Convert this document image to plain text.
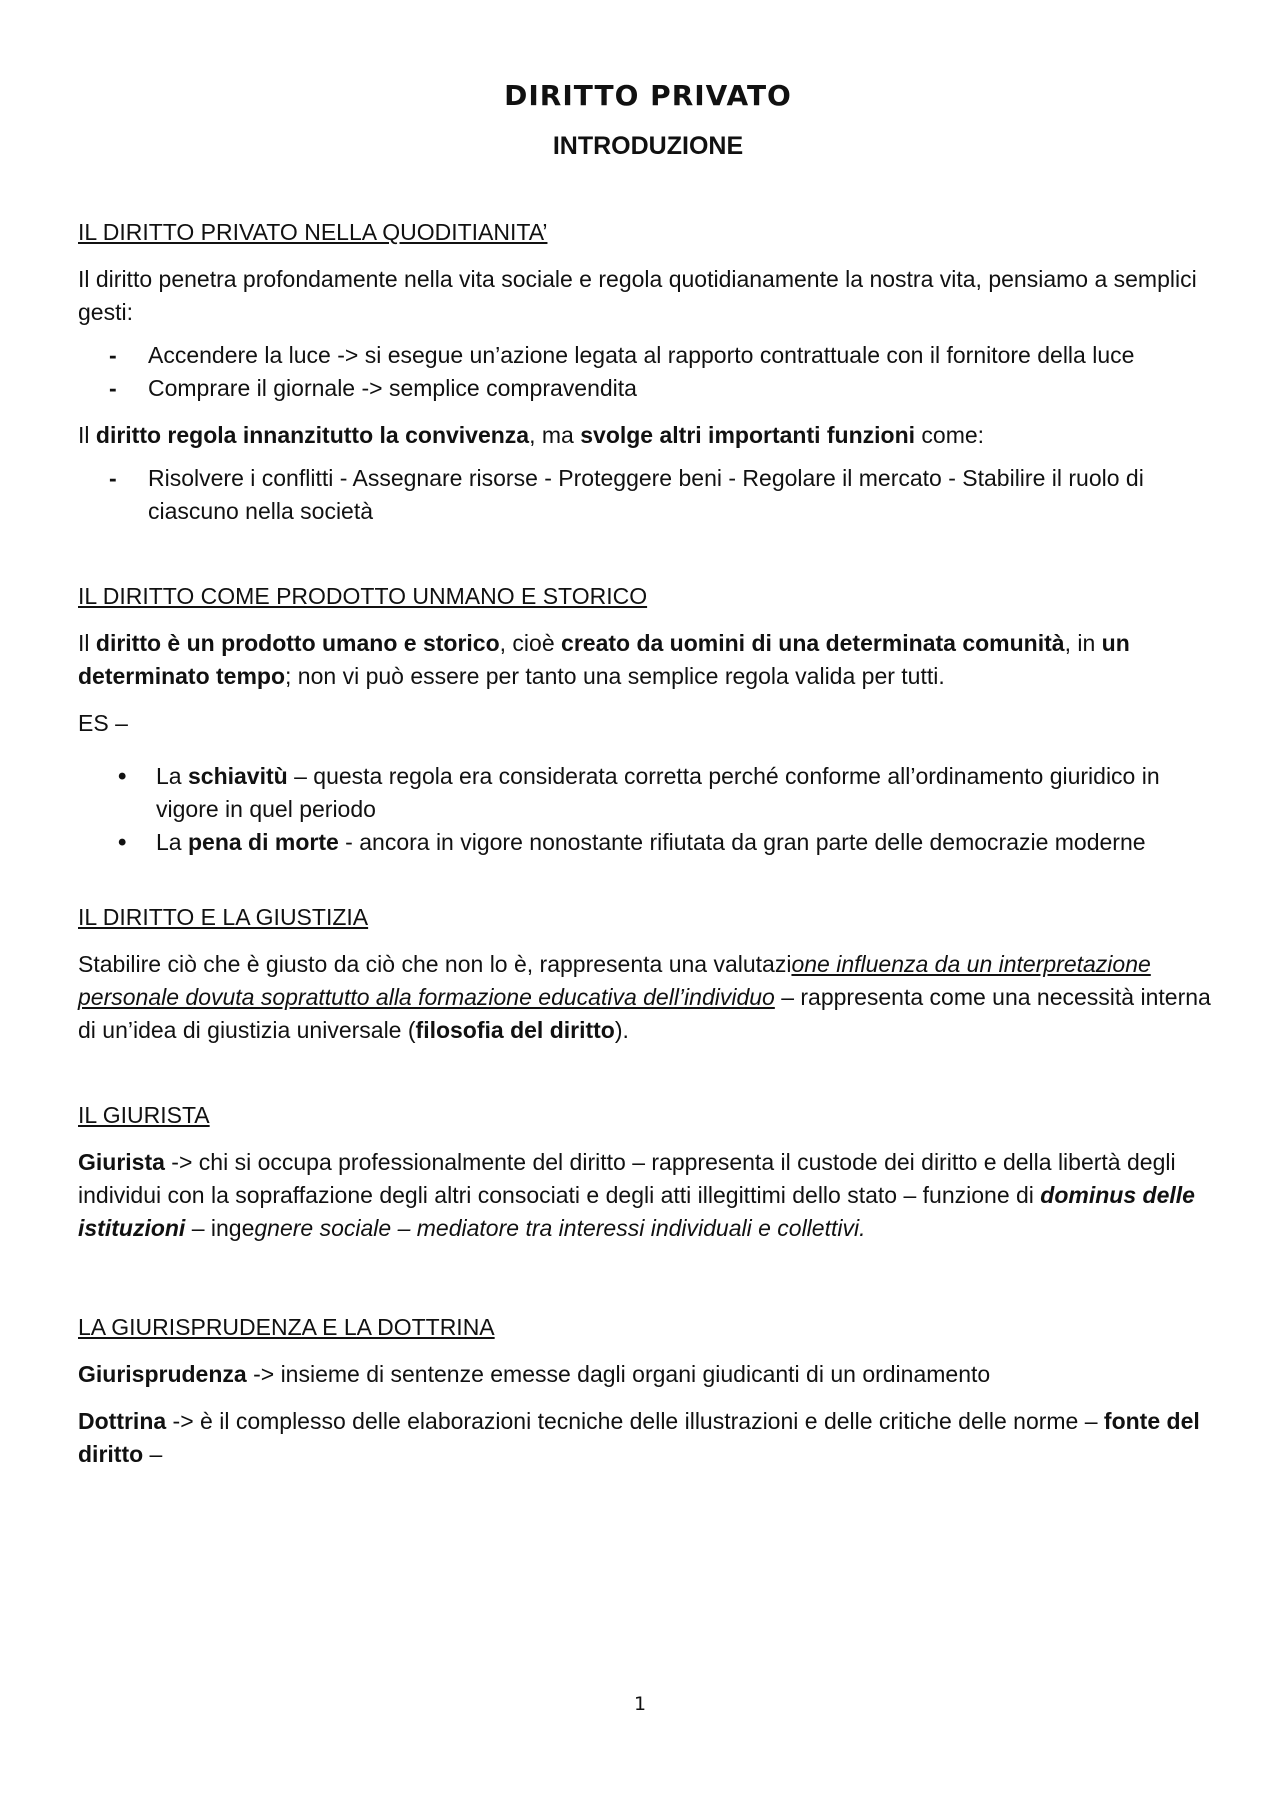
DIRITTO PRIVATO
INTRODUZIONE

IL DIRITTO PRIVATO NELLA QUODITIANITA’

Il diritto penetra profondamente nella vita sociale e regola quotidianamente la nostra vita, pensiamo a semplici gesti:

- Accendere la luce -> si esegue un’azione legata al rapporto contrattuale con il fornitore della luce
- Comprare il giornale -> semplice compravendita

Il diritto regola innanzitutto la convivenza, ma svolge altri importanti funzioni come:

- Risolvere i conflitti - Assegnare risorse - Proteggere beni - Regolare il mercato - Stabilire il ruolo di ciascuno nella società

IL DIRITTO COME PRODOTTO UNMANO E STORICO

Il diritto è un prodotto umano e storico, cioè creato da uomini di una determinata comunità, in un determinato tempo; non vi può essere per tanto una semplice regola valida per tutti.

ES –

• La schiavitù – questa regola era considerata corretta perché conforme all’ordinamento giuridico in vigore in quel periodo
• La pena di morte - ancora in vigore nonostante rifiutata da gran parte delle democrazie moderne

IL DIRITTO E LA GIUSTIZIA

Stabilire ciò che è giusto da ciò che non lo è, rappresenta una valutazione influenza da un interpretazione personale dovuta soprattutto alla formazione educativa dell’individuo – rappresenta come una necessità interna di un’idea di giustizia universale (filosofia del diritto).

IL GIURISTA

Giurista -> chi si occupa professionalmente del diritto – rappresenta il custode dei diritto e della libertà degli individui con la sopraffazione degli altri consociati e degli atti illegittimi dello stato – funzione di dominus delle istituzioni – ingegnere sociale – mediatore tra interessi individuali e collettivi.

LA GIURISPRUDENZA E LA DOTTRINA

Giurisprudenza -> insieme di sentenze emesse dagli organi giudicanti di un ordinamento

Dottrina -> è il complesso delle elaborazioni tecniche delle illustrazioni e delle critiche delle norme – fonte del diritto –

1
